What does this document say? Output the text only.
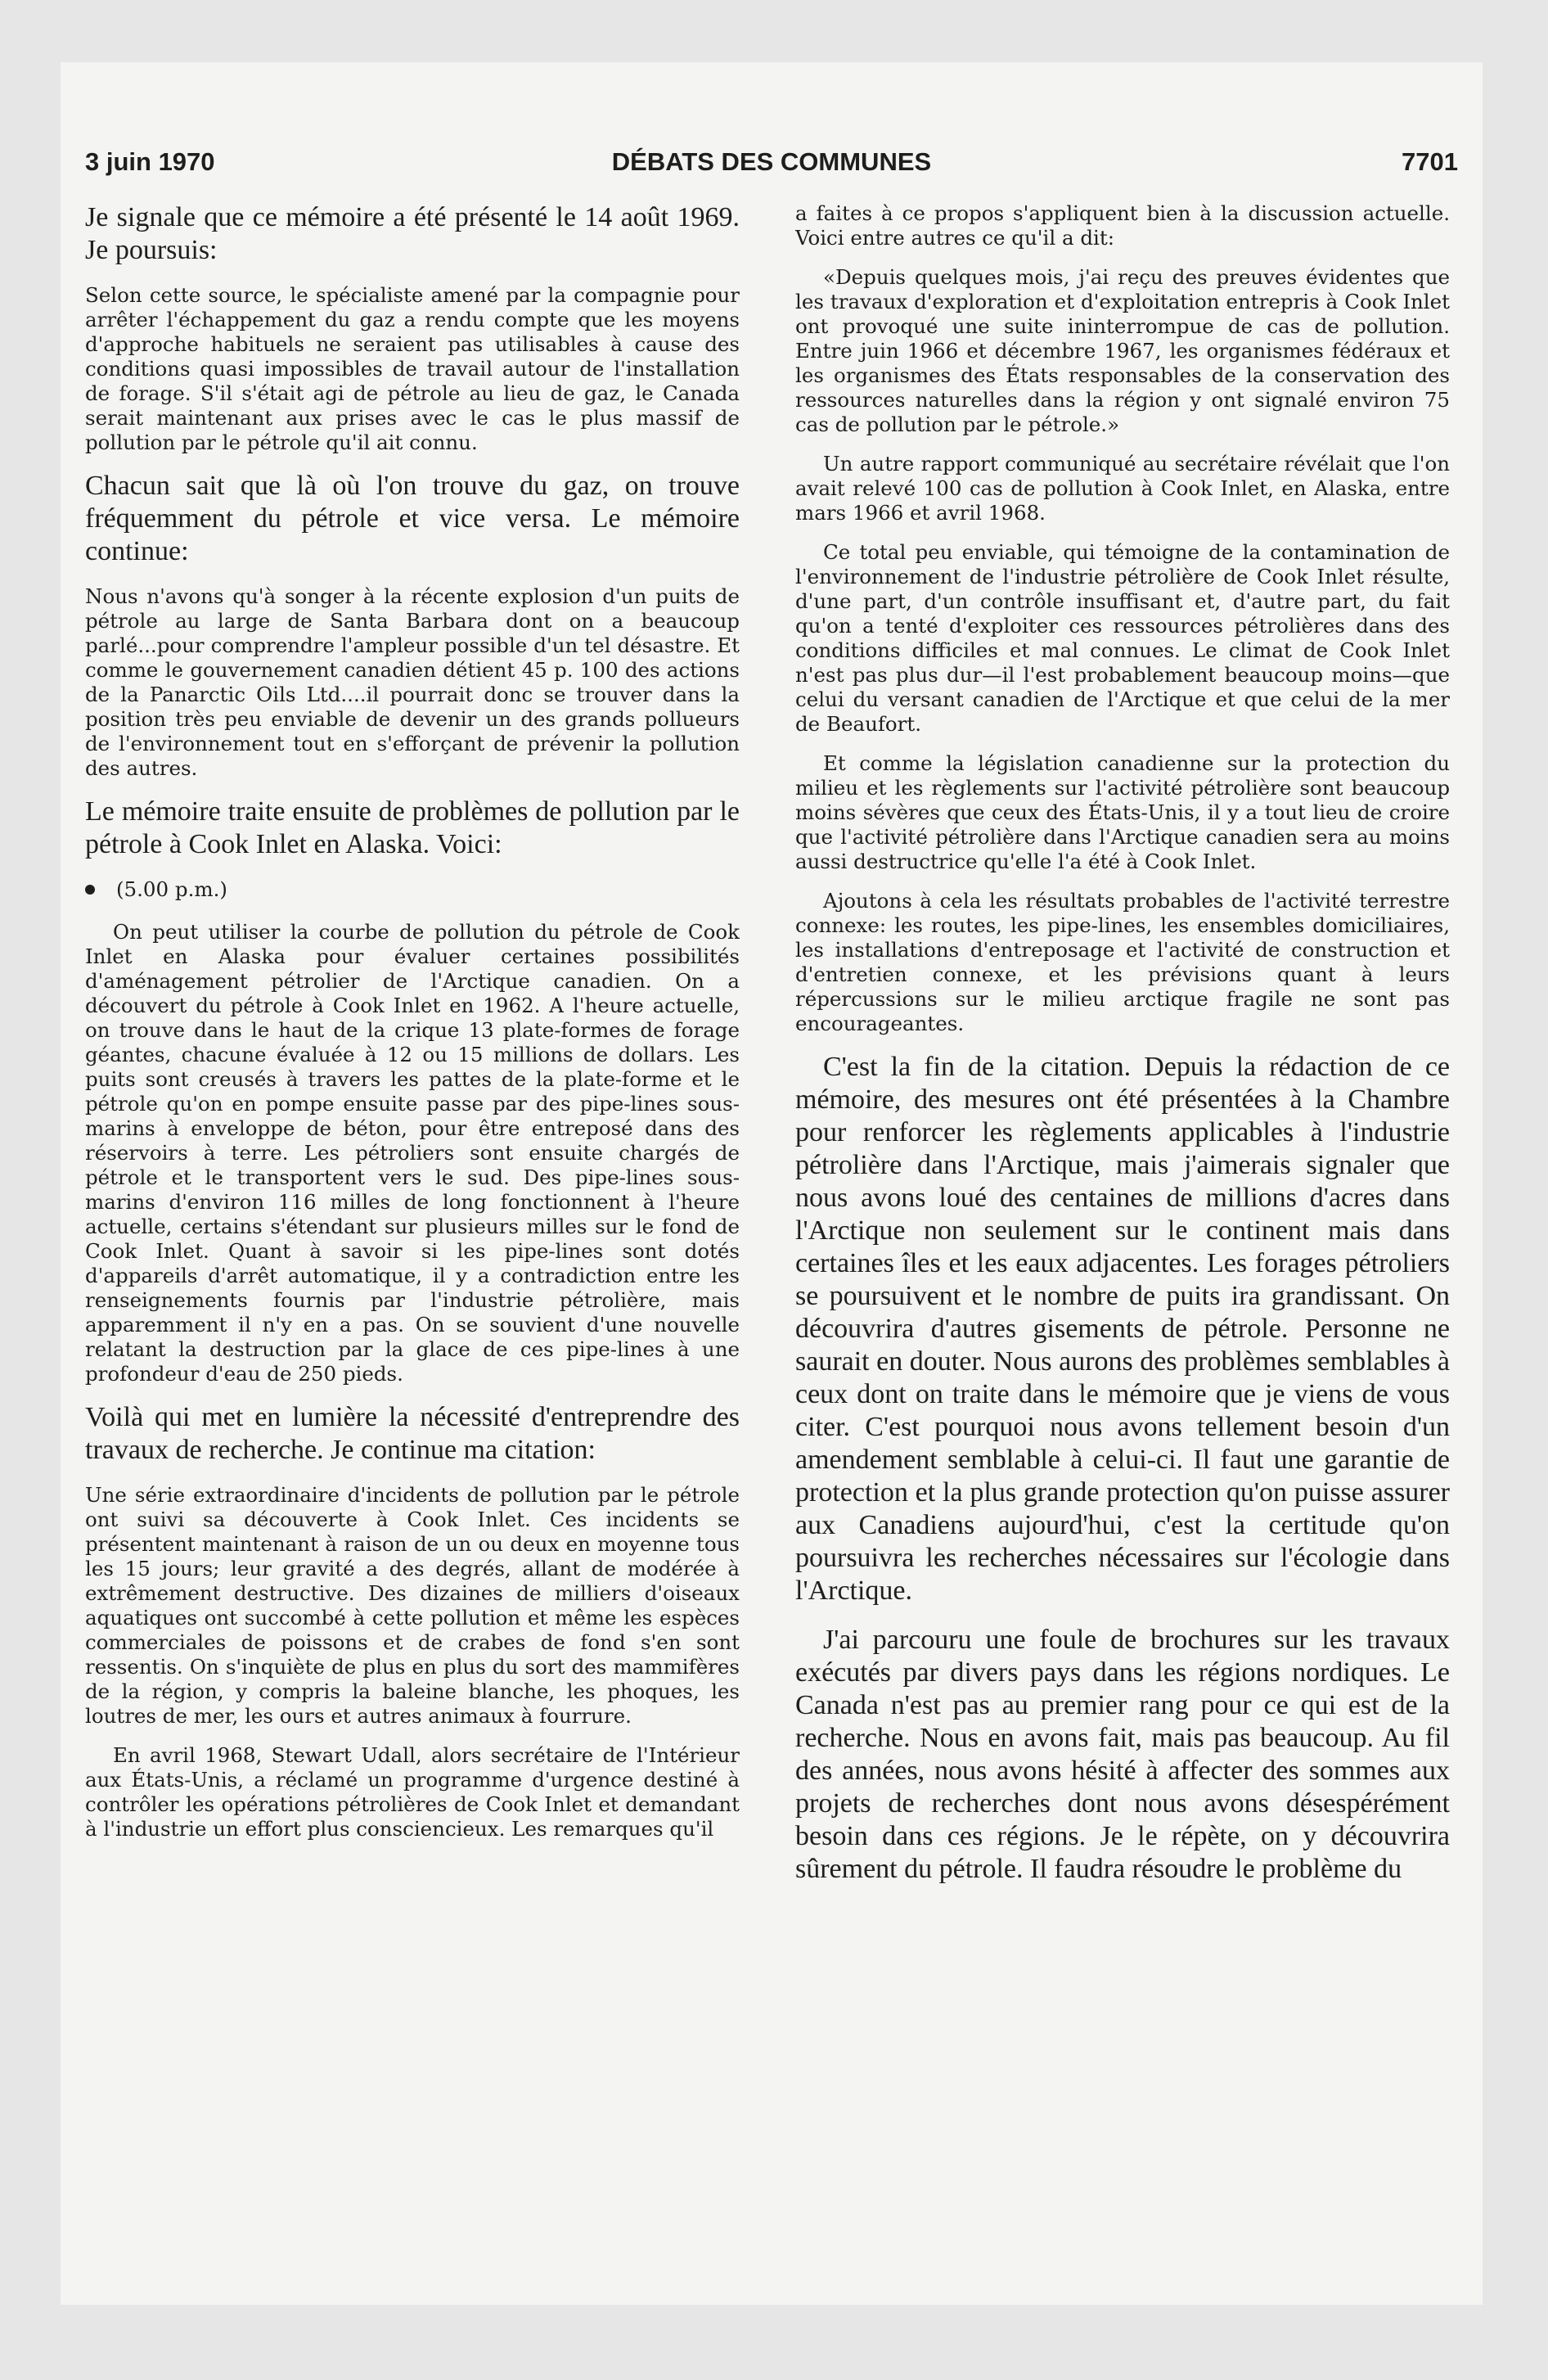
3 juin 1970	DÉBATS DES COMMUNES	7701

Je signale que ce mémoire a été présenté le 14 août 1969. Je poursuis:

Selon cette source, le spécialiste amené par la compagnie pour arrêter l'échappement du gaz a rendu compte que les moyens d'approche habituels ne seraient pas utilisables à cause des conditions quasi impossibles de travail autour de l'installation de forage. S'il s'était agi de pétrole au lieu de gaz, le Canada serait maintenant aux prises avec le cas le plus massif de pollution par le pétrole qu'il ait connu.

Chacun sait que là où l'on trouve du gaz, on trouve fréquemment du pétrole et vice versa. Le mémoire continue:

Nous n'avons qu'à songer à la récente explosion d'un puits de pétrole au large de Santa Barbara dont on a beaucoup parlé...pour comprendre l'ampleur possible d'un tel désastre. Et comme le gouvernement canadien détient 45 p. 100 des actions de la Panarctic Oils Ltd....il pourrait donc se trouver dans la position très peu enviable de devenir un des grands pollueurs de l'environnement tout en s'efforçant de prévenir la pollution des autres.

Le mémoire traite ensuite de problèmes de pollution par le pétrole à Cook Inlet en Alaska. Voici:

(5.00 p.m.)

On peut utiliser la courbe de pollution du pétrole de Cook Inlet en Alaska pour évaluer certaines possibilités d'aménagement pétrolier de l'Arctique canadien. On a découvert du pétrole à Cook Inlet en 1962. A l'heure actuelle, on trouve dans le haut de la crique 13 plate-formes de forage géantes, chacune évaluée à 12 ou 15 millions de dollars. Les puits sont creusés à travers les pattes de la plate-forme et le pétrole qu'on en pompe ensuite passe par des pipe-lines sous-marins à enveloppe de béton, pour être entreposé dans des réservoirs à terre. Les pétroliers sont ensuite chargés de pétrole et le transportent vers le sud. Des pipe-lines sous-marins d'environ 116 milles de long fonctionnent à l'heure actuelle, certains s'étendant sur plusieurs milles sur le fond de Cook Inlet. Quant à savoir si les pipe-lines sont dotés d'appareils d'arrêt automatique, il y a contradiction entre les renseignements fournis par l'industrie pétrolière, mais apparemment il n'y en a pas. On se souvient d'une nouvelle relatant la destruction par la glace de ces pipe-lines à une profondeur d'eau de 250 pieds.

Voilà qui met en lumière la nécessité d'entreprendre des travaux de recherche. Je continue ma citation:

Une série extraordinaire d'incidents de pollution par le pétrole ont suivi sa découverte à Cook Inlet. Ces incidents se présentent maintenant à raison de un ou deux en moyenne tous les 15 jours; leur gravité a des degrés, allant de modérée à extrêmement destructive. Des dizaines de milliers d'oiseaux aquatiques ont succombé à cette pollution et même les espèces commerciales de poissons et de crabes de fond s'en sont ressentis. On s'inquiète de plus en plus du sort des mammifères de la région, y compris la baleine blanche, les phoques, les loutres de mer, les ours et autres animaux à fourrure.

En avril 1968, Stewart Udall, alors secrétaire de l'Intérieur aux États-Unis, a réclamé un programme d'urgence destiné à contrôler les opérations pétrolières de Cook Inlet et demandant à l'industrie un effort plus consciencieux. Les remarques qu'il

a faites à ce propos s'appliquent bien à la discussion actuelle. Voici entre autres ce qu'il a dit:

«Depuis quelques mois, j'ai reçu des preuves évidentes que les travaux d'exploration et d'exploitation entrepris à Cook Inlet ont provoqué une suite ininterrompue de cas de pollution. Entre juin 1966 et décembre 1967, les organismes fédéraux et les organismes des États responsables de la conservation des ressources naturelles dans la région y ont signalé environ 75 cas de pollution par le pétrole.»

Un autre rapport communiqué au secrétaire révélait que l'on avait relevé 100 cas de pollution à Cook Inlet, en Alaska, entre mars 1966 et avril 1968.

Ce total peu enviable, qui témoigne de la contamination de l'environnement de l'industrie pétrolière de Cook Inlet résulte, d'une part, d'un contrôle insuffisant et, d'autre part, du fait qu'on a tenté d'exploiter ces ressources pétrolières dans des conditions difficiles et mal connues. Le climat de Cook Inlet n'est pas plus dur—il l'est probablement beaucoup moins—que celui du versant canadien de l'Arctique et que celui de la mer de Beaufort.

Et comme la législation canadienne sur la protection du milieu et les règlements sur l'activité pétrolière sont beaucoup moins sévères que ceux des États-Unis, il y a tout lieu de croire que l'activité pétrolière dans l'Arctique canadien sera au moins aussi destructrice qu'elle l'a été à Cook Inlet.

Ajoutons à cela les résultats probables de l'activité terrestre connexe: les routes, les pipe-lines, les ensembles domiciliaires, les installations d'entreposage et l'activité de construction et d'entretien connexe, et les prévisions quant à leurs répercussions sur le milieu arctique fragile ne sont pas encourageantes.

C'est la fin de la citation. Depuis la rédaction de ce mémoire, des mesures ont été présentées à la Chambre pour renforcer les règlements applicables à l'industrie pétrolière dans l'Arctique, mais j'aimerais signaler que nous avons loué des centaines de millions d'acres dans l'Arctique non seulement sur le continent mais dans certaines îles et les eaux adjacentes. Les forages pétroliers se poursuivent et le nombre de puits ira grandissant. On découvrira d'autres gisements de pétrole. Personne ne saurait en douter. Nous aurons des problèmes semblables à ceux dont on traite dans le mémoire que je viens de vous citer. C'est pourquoi nous avons tellement besoin d'un amendement semblable à celui-ci. Il faut une garantie de protection et la plus grande protection qu'on puisse assurer aux Canadiens aujourd'hui, c'est la certitude qu'on poursuivra les recherches nécessaires sur l'écologie dans l'Arctique.

J'ai parcouru une foule de brochures sur les travaux exécutés par divers pays dans les régions nordiques. Le Canada n'est pas au premier rang pour ce qui est de la recherche. Nous en avons fait, mais pas beaucoup. Au fil des années, nous avons hésité à affecter des sommes aux projets de recherches dont nous avons désespérément besoin dans ces régions. Je le répète, on y découvrira sûrement du pétrole. Il faudra résoudre le problème du
